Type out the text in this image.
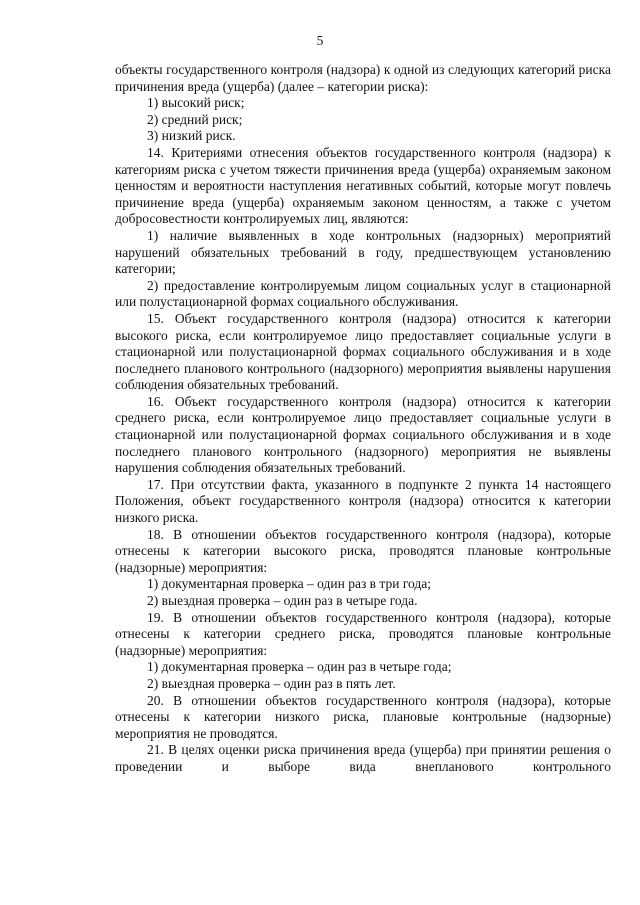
5

объекты государственного контроля (надзора) к одной из следующих категорий риска причинения вреда (ущерба) (далее – категории риска):

1) высокий риск;

2) средний риск;

3) низкий риск.

14. Критериями отнесения объектов государственного контроля (надзора) к категориям риска с учетом тяжести причинения вреда (ущерба) охраняемым законом ценностям и вероятности наступления негативных событий, которые могут повлечь причинение вреда (ущерба) охраняемым законом ценностям, а также с учетом добросовестности контролируемых лиц, являются:

1) наличие выявленных в ходе контрольных (надзорных) мероприятий нарушений обязательных требований в году, предшествующем установлению категории;

2) предоставление контролируемым лицом социальных услуг в стационарной или полустационарной формах социального обслуживания.

15. Объект государственного контроля (надзора) относится к категории высокого риска, если контролируемое лицо предоставляет социальные услуги в стационарной или полустационарной формах социального обслуживания и в ходе последнего планового контрольного (надзорного) мероприятия выявлены нарушения соблюдения обязательных требований.

16. Объект государственного контроля (надзора) относится к категории среднего риска, если контролируемое лицо предоставляет социальные услуги в стационарной или полустационарной формах социального обслуживания и в ходе последнего планового контрольного (надзорного) мероприятия не выявлены нарушения соблюдения обязательных требований.

17. При отсутствии факта, указанного в подпункте 2 пункта 14 настоящего Положения, объект государственного контроля (надзора) относится к категории низкого риска.

18. В отношении объектов государственного контроля (надзора), которые отнесены к категории высокого риска, проводятся плановые контрольные (надзорные) мероприятия:

1) документарная проверка – один раз в три года;

2) выездная проверка – один раз в четыре года.

19. В отношении объектов государственного контроля (надзора), которые отнесены к категории среднего риска, проводятся плановые контрольные (надзорные) мероприятия:

1) документарная проверка – один раз в четыре года;

2) выездная проверка – один раз в пять лет.

20. В отношении объектов государственного контроля (надзора), которые отнесены к категории низкого риска, плановые контрольные (надзорные) мероприятия не проводятся.

21. В целях оценки риска причинения вреда (ущерба) при принятии решения о проведении и выборе вида внепланового контрольного
